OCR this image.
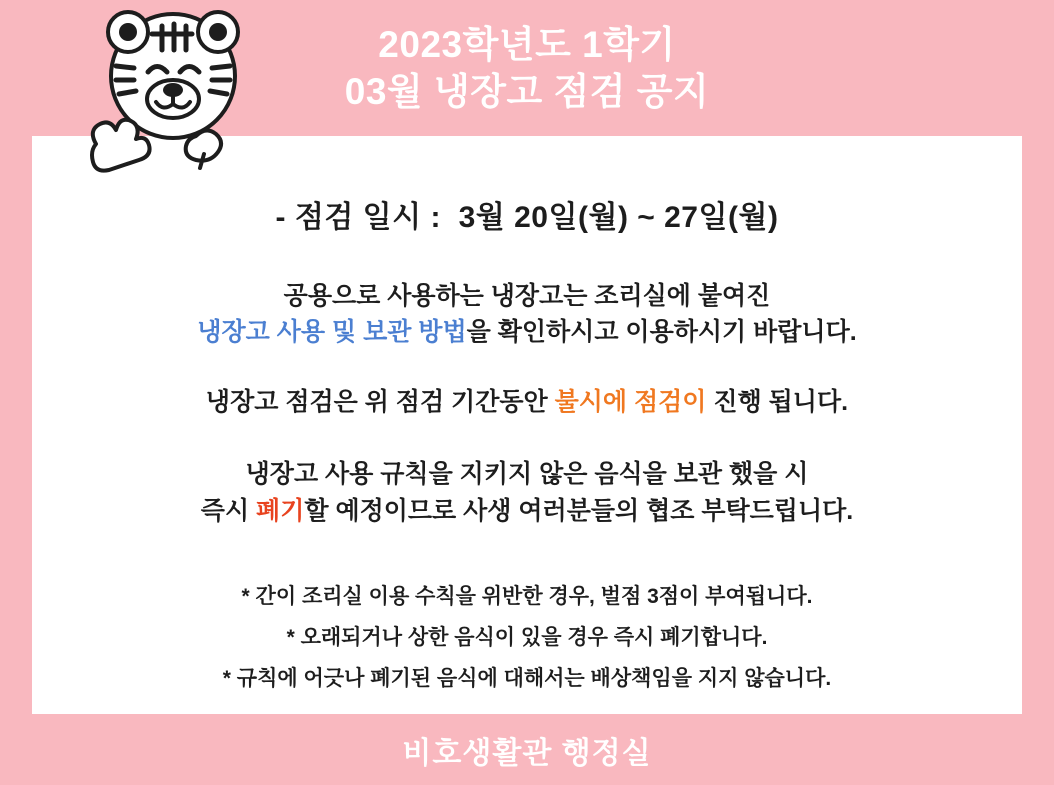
2023학년도 1학기
03월 냉장고 점검 공지
- 점검 일시 :  3월 20일(월) ~ 27일(월)
공용으로 사용하는 냉장고는 조리실에 붙여진
냉장고 사용 및 보관 방법을 확인하시고 이용하시기 바랍니다.
냉장고 점검은 위 점검 기간동안 불시에 점검이 진행 됩니다.
냉장고 사용 규칙을 지키지 않은 음식을 보관 했을 시
즉시 폐기할 예정이므로 사생 여러분들의 협조 부탁드립니다.
* 간이 조리실 이용 수칙을 위반한 경우, 벌점 3점이 부여됩니다.
* 오래되거나 상한 음식이 있을 경우 즉시 폐기합니다.
* 규칙에 어긋나 폐기된 음식에 대해서는 배상책임을 지지 않습니다.
비호생활관 행정실
